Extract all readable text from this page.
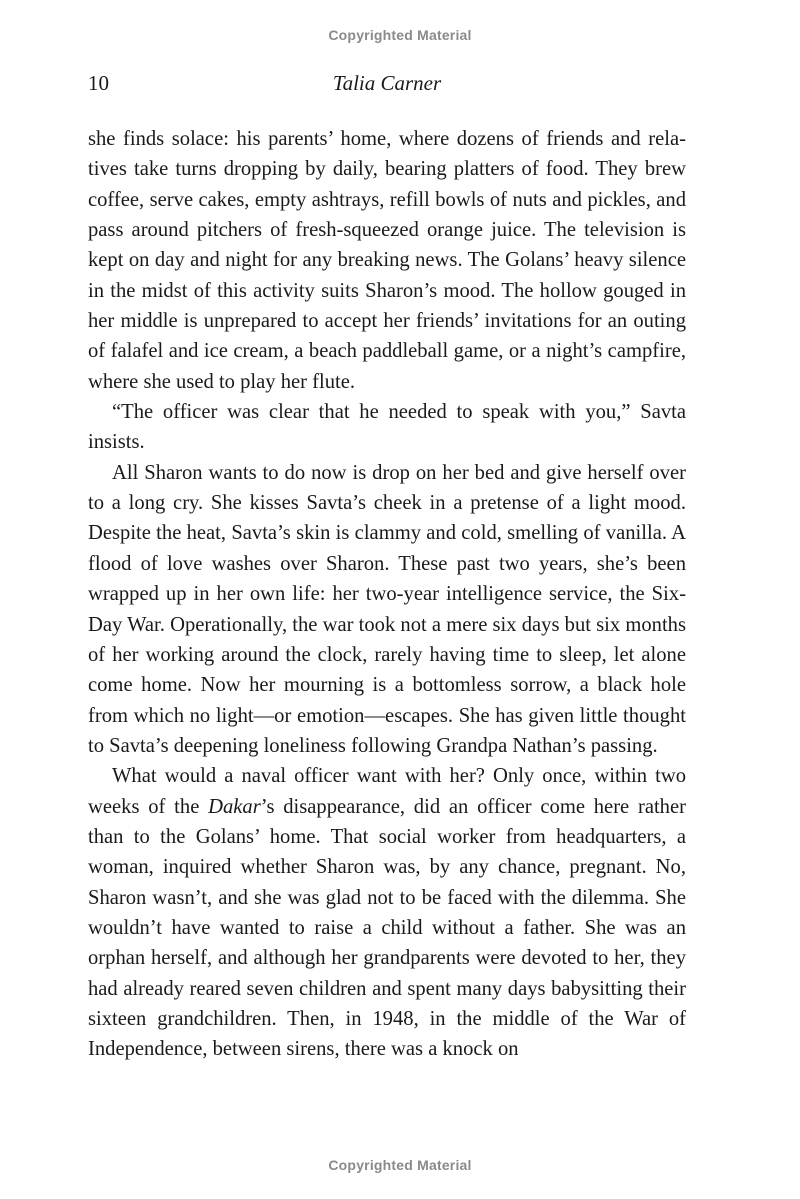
Copyrighted Material
10	Talia Carner

she finds solace: his parents’ home, where dozens of friends and relatives take turns dropping by daily, bearing platters of food. They brew coffee, serve cakes, empty ashtrays, refill bowls of nuts and pickles, and pass around pitchers of fresh-squeezed orange juice. The television is kept on day and night for any breaking news. The Golans’ heavy silence in the midst of this activity suits Sharon’s mood. The hollow gouged in her middle is unprepared to accept her friends’ invitations for an outing of falafel and ice cream, a beach paddleball game, or a night’s campfire, where she used to play her flute.

“The officer was clear that he needed to speak with you,” Savta insists.

All Sharon wants to do now is drop on her bed and give herself over to a long cry. She kisses Savta’s cheek in a pretense of a light mood. Despite the heat, Savta’s skin is clammy and cold, smelling of vanilla. A flood of love washes over Sharon. These past two years, she’s been wrapped up in her own life: her two-year intelligence service, the Six-Day War. Operationally, the war took not a mere six days but six months of her working around the clock, rarely having time to sleep, let alone come home. Now her mourning is a bottomless sorrow, a black hole from which no light—or emotion—escapes. She has given little thought to Savta’s deepening loneliness following Grandpa Nathan’s passing.

What would a naval officer want with her? Only once, within two weeks of the Dakar’s disappearance, did an officer come here rather than to the Golans’ home. That social worker from headquarters, a woman, inquired whether Sharon was, by any chance, pregnant. No, Sharon wasn’t, and she was glad not to be faced with the dilemma. She wouldn’t have wanted to raise a child without a father. She was an orphan herself, and although her grandparents were devoted to her, they had already reared seven children and spent many days babysitting their sixteen grandchildren. Then, in 1948, in the middle of the War of Independence, between sirens, there was a knock on

Copyrighted Material
